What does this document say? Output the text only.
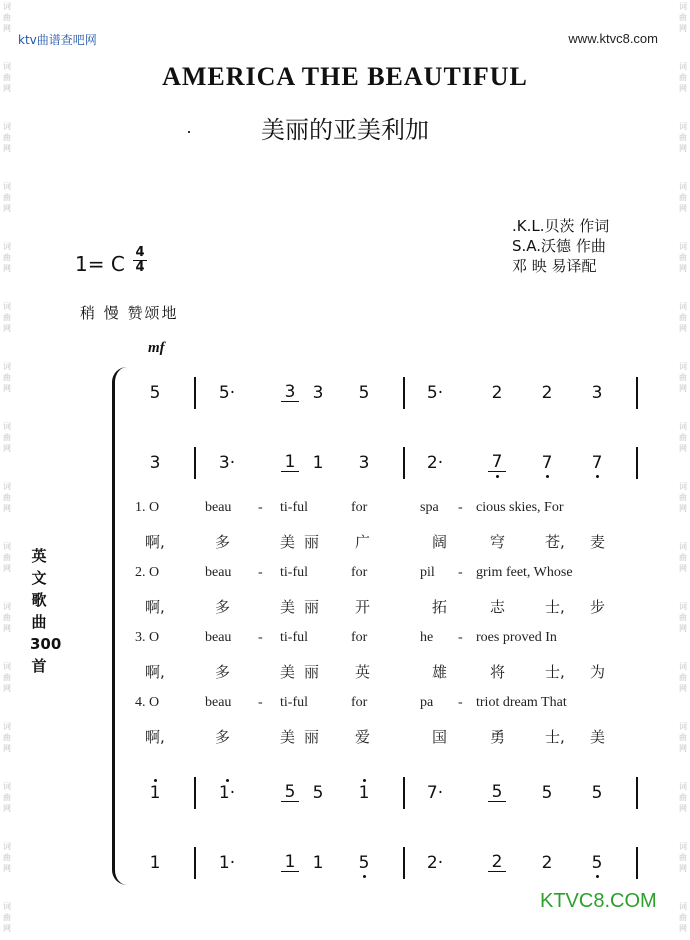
词
曲
网
词
曲
网
词
曲
网
词
曲
网
词
曲
网
词
曲
网
词
曲
网
词
曲
网
词
曲
网
词
曲
网
词
曲
网
词
曲
网
词
曲
网
词
曲
网
词
曲
网
词
曲
网
词
曲
网
词
曲
网
词
曲
网
词
曲
网
词
曲
网
词
曲
网
词
曲
网
词
曲
网
词
曲
网
词
曲
网
词
曲
网
词
曲
网
词
曲
网
词
曲
网
词
曲
网
词
曲
网
ktv曲谱查吧网	www.ktvc8.com
AMERICA THE BEAUTIFUL
美丽的亚美利加
.K.L.贝茨 作词
S.A.沃德 作曲
邓 映 易译配
1= C $\frac{4}{4}$
稍 慢 赞颂地
mf
英文歌曲300首
5	5·	3 3 5	5·	2 2 3
3	3·	1 1 3	2·	7 7 7
1	1·	5 5 1	7·	5 5 5
1	1·	1 1 5	2·	2 2 5
1. O	beau - ti-ful	for	spa - cious skies, For
啊,	多	美 丽 广	阔	穹	苍, 麦
2. O	beau - ti-ful	for	pil - grim feet, Whose
啊,	多	美 丽 开	拓	志	士, 步
3. O	beau - ti-ful	for	he - roes proved In
啊,	多	美 丽 英	雄	将	士, 为
4. O	beau - ti-ful	for	pa - triot dream That
啊,	多	美 丽 爱	国	勇	士, 美
KTVC8.COM
